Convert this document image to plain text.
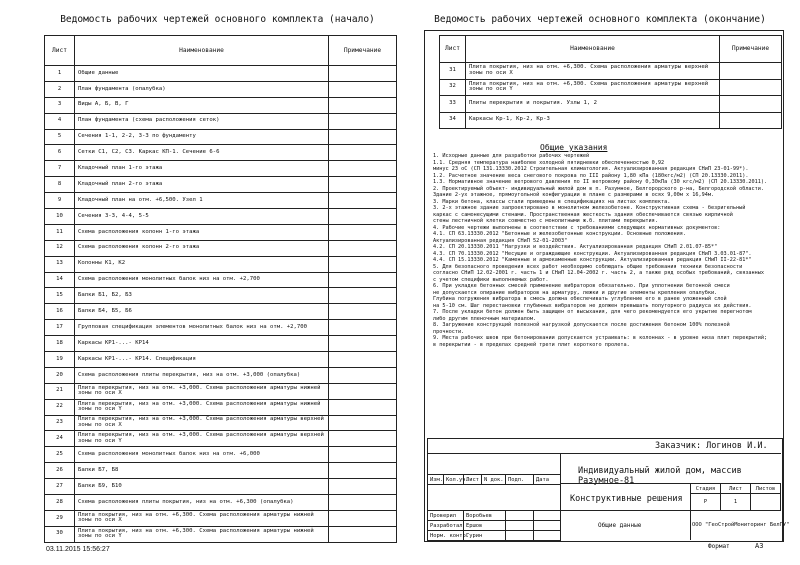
Ведомость рабочих чертежей основного комплекта (начало)
Лист	Наименование	Примечание
1	Общие данные	
2	План фундамента (опалубка)	
3	Виды А, Б, В, Г	
4	План фундамента (схема расположения сеток)	
5	Сечения 1-1, 2-2, 3-3 по фундаменту	
6	Сетки С1, С2, С3. Каркас КП-1. Сечение 6-6	
7	Кладочный план 1-го этажа	
8	Кладочный план 2-го этажа	
9	Кладочный план на отм. +6,500. Узел 1	
10	Сечения 3-3, 4-4, 5-5	
11	Схема расположения колонн 1-го этажа	
12	Схема расположения колонн 2-го этажа	
13	Колонны К1, К2	
14	Схема расположения монолитных балок низ на отм. +2,700	
15	Балки Б1, Б2, Б3	
16	Балки Б4, Б5, Б6	
17	Групповая спецификация элементов монолитных балок низ на отм. +2,700	
18	Каркасы КР1-...- КР14	
19	Каркасы КР1-...- КР14. Спецификация	
20	Схема расположения плиты перекрытия, низ на отм. +3,000 (опалубка)	
21	Плита перекрытия, низ на отм. +3,000. Схема расположения арматуры нижней зоны по оси Х	
22	Плита перекрытия, низ на отм. +3,000. Схема расположения арматуры нижней зоны по оси Y	
23	Плита перекрытия, низ на отм. +3,000. Схема расположения арматуры верхней зоны по оси Х	
24	Плита перекрытия, низ на отм. +3,000. Схема расположения арматуры верхней зоны по оси Y	
25	Схема расположения монолитных балок низ на отм. +6,000	
26	Балки Б7, Б8	
27	Балки Б9, Б10	
28	Схема расположения плиты покрытия, низ на отм. +6,300 (опалубка)	
29	Плита покрытия, низ на отм. +6,300. Схема расположения арматуры нижней зоны по оси Х	
30	Плита покрытия, низ на отм. +6,300. Схема расположения арматуры нижней зоны по оси Y	
Ведомость рабочих чертежей основного комплекта (окончание)
Лист	Наименование	Примечание
31	Плита покрытия, низ на отм. +6,300. Схема расположения арматуры верхней зоны по оси Х	
32	Плита покрытия, низ на отм. +6,300. Схема расположения арматуры верхней зоны по оси Y	
33	Плиты перекрытия и покрытия. Узлы 1, 2	
34	Каркасы Кр-1, Кр-2, Кр-3	
Общие указания
1. Исходные данные для разработки рабочих чертежей
1.1. Средняя температура наиболее холодной пятидневки обеспеченностью 0,92
минус 23 оС (СП 131.13330.2012 Строительная климатология. Актуализированная редакция СНиП 23-01-99*).
1.2. Расчетное значение веса снегового покрова по III району 1,80 кПа (180кгс/м2) (СП 20.13330.2011).
1.3. Нормативное значение ветрового давления по II ветровому району 0,30кПа (30 кгс/м2) (СП 20.13330.2011).
2. Проектируемый объект- индивидуальный жилой дом в п. Разумное, Белгородского р-на, Белгородской области.
Здание 2-ух этажное, прямоугольной конфигурации в плане с размерами в осях 9,00м х 16,94м.
3. Марки бетона, классы стали приведены в спецификациях на листах комплекта.
3. 2-х этажное здание запроектировано в монолитном железобетоне. Конструктивная схема - безригельный
каркас с самонесущими стенами. Пространственная жесткость здания обеспечивается связью кирпичной
стены лестничной клетки совместно с монолитными ж.б. плитами перекрытия.
4. Рабочие чертежи выполнены в соответствии с требованиями следующих нормативных документов:
4.1. СП 63.13330.2012 "Бетонные и железобетонные конструкции. Основные положения.
Актуализированная редакция СНиП 52-01-2003"
4.2. СП 20.13330.2011 "Нагрузки и воздействия. Актуализированная редакция СНиП 2.01.07-85*"
4.3. СП 70.13330.2012 "Несущие и ограждающие конструкции. Актуализированная редакция СНиП 3.03.01-87".
4.4. СП 15.13330.2012 "Каменные и армокаменные конструкции. Актуализированная редакция СНиП II-22-81*"
5. Для безопасного проведения всех работ необходимо соблюдать общие требования техники безопасности
согласно СНиП 12.02-2001 г. часть 1 и СНиП 12.04-2002 г. часть 2, а также ряд особых требований, связанных
с учетом специфики выполняемых работ.
6. При укладке бетонных смесей применение вибраторов обязательно. При уплотнении бетонной смеси
не допускается опирание вибраторов на арматуру, лежки и другие элементы крепления опалубки.
Глубина погружения вибратора в смесь должна обеспечивать углубление его в ранее уложенный слой
на 5-10 см. Шаг перестановки глубинных вибраторов не должен превышать полуторного радиуса их действия.
7. После укладки бетон должен быть защищен от высыхания, для чего рекомендуется его укрытие перегнотом
либо другим пленочным материалом.
8. Загружение конструкций полезной нагрузкой допускается после достижения бетоном 100% полезной
прочности.
9. Места рабочих швов при бетонировании допускается устраивать: в колоннах - в уровне низа плит перекрытий;
в перекрытии - в пределах средней трети плит короткого пролета.
Заказчик: Логинов И.И.
Индивидуальный жилой дом, массив Разумное-81
Конструктивные решения
Изм.	Кол.уч.	Лист	N док.	Подп.	Дата
Проверил	Воробьев		
Разработал	Ершов		
Норм. контр.	Гурин		
Стадия	Лист	Листов
Р	1	
Общие данные	ООО "ГеоСтройМониторинг БелГУ"
Формат	А3
03.11.2015 15:56:27
